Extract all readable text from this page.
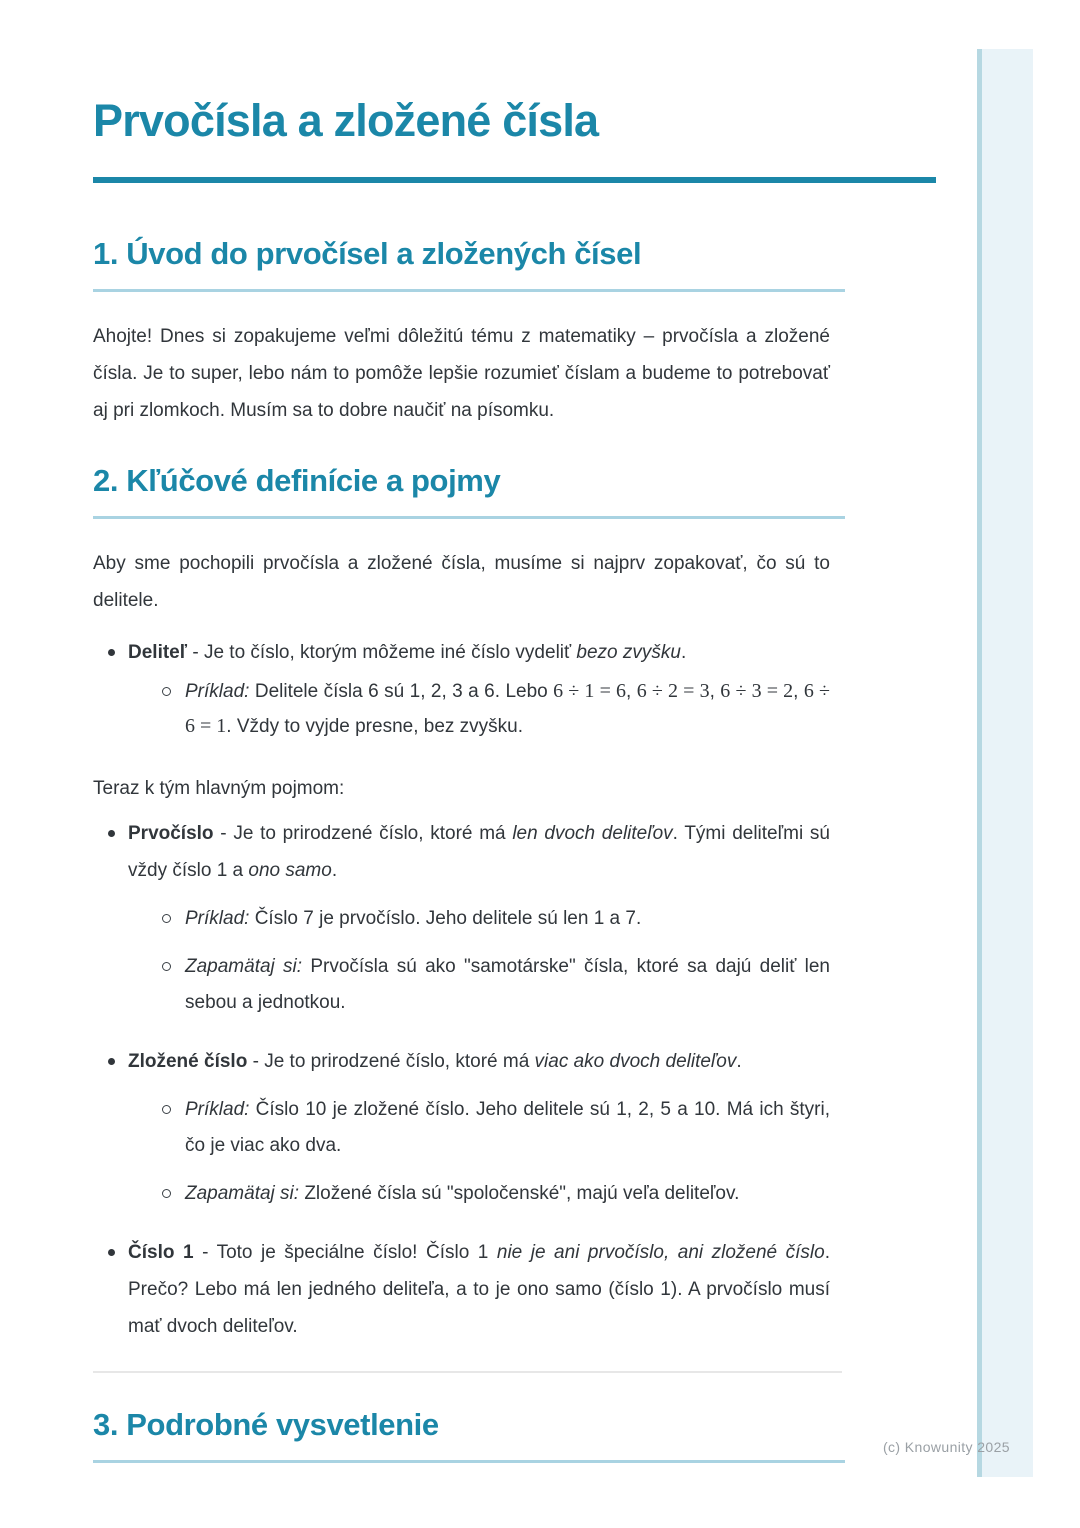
Prvočísla a zložené čísla
1. Úvod do prvočísel a zložených čísel

Ahojte! Dnes si zopakujeme veľmi dôležitú tému z matematiky – prvočísla a zložené čísla. Je to super, lebo nám to pomôže lepšie rozumieť číslam a budeme to potrebovať aj pri zlomkoch. Musím sa to dobre naučiť na písomku.

2. Kľúčové definície a pojmy

Aby sme pochopili prvočísla a zložené čísla, musíme si najprv zopakovať, čo sú to delitele.

Deliteľ - Je to číslo, ktorým môžeme iné číslo vydeliť bezo zvyšku.
Príklad: Delitele čísla 6 sú 1, 2, 3 a 6. Lebo 6 ÷ 1 = 6, 6 ÷ 2 = 3, 6 ÷ 3 = 2, 6 ÷ 6 = 1. Vždy to vyjde presne, bez zvyšku.

Teraz k tým hlavným pojmom:

Prvočíslo - Je to prirodzené číslo, ktoré má len dvoch deliteľov. Tými deliteľmi sú vždy číslo 1 a ono samo.
Príklad: Číslo 7 je prvočíslo. Jeho delitele sú len 1 a 7.
Zapamätaj si: Prvočísla sú ako "samotárske" čísla, ktoré sa dajú deliť len sebou a jednotkou.
Zložené číslo - Je to prirodzené číslo, ktoré má viac ako dvoch deliteľov.
Príklad: Číslo 10 je zložené číslo. Jeho delitele sú 1, 2, 5 a 10. Má ich štyri, čo je viac ako dva.
Zapamätaj si: Zložené čísla sú "spoločenské", majú veľa deliteľov.
Číslo 1 - Toto je špeciálne číslo! Číslo 1 nie je ani prvočíslo, ani zložené číslo. Prečo? Lebo má len jedného deliteľa, a to je ono samo (číslo 1). A prvočíslo musí mať dvoch deliteľov.
3. Podrobné vysvetlenie
(c) Knowunity 2025
